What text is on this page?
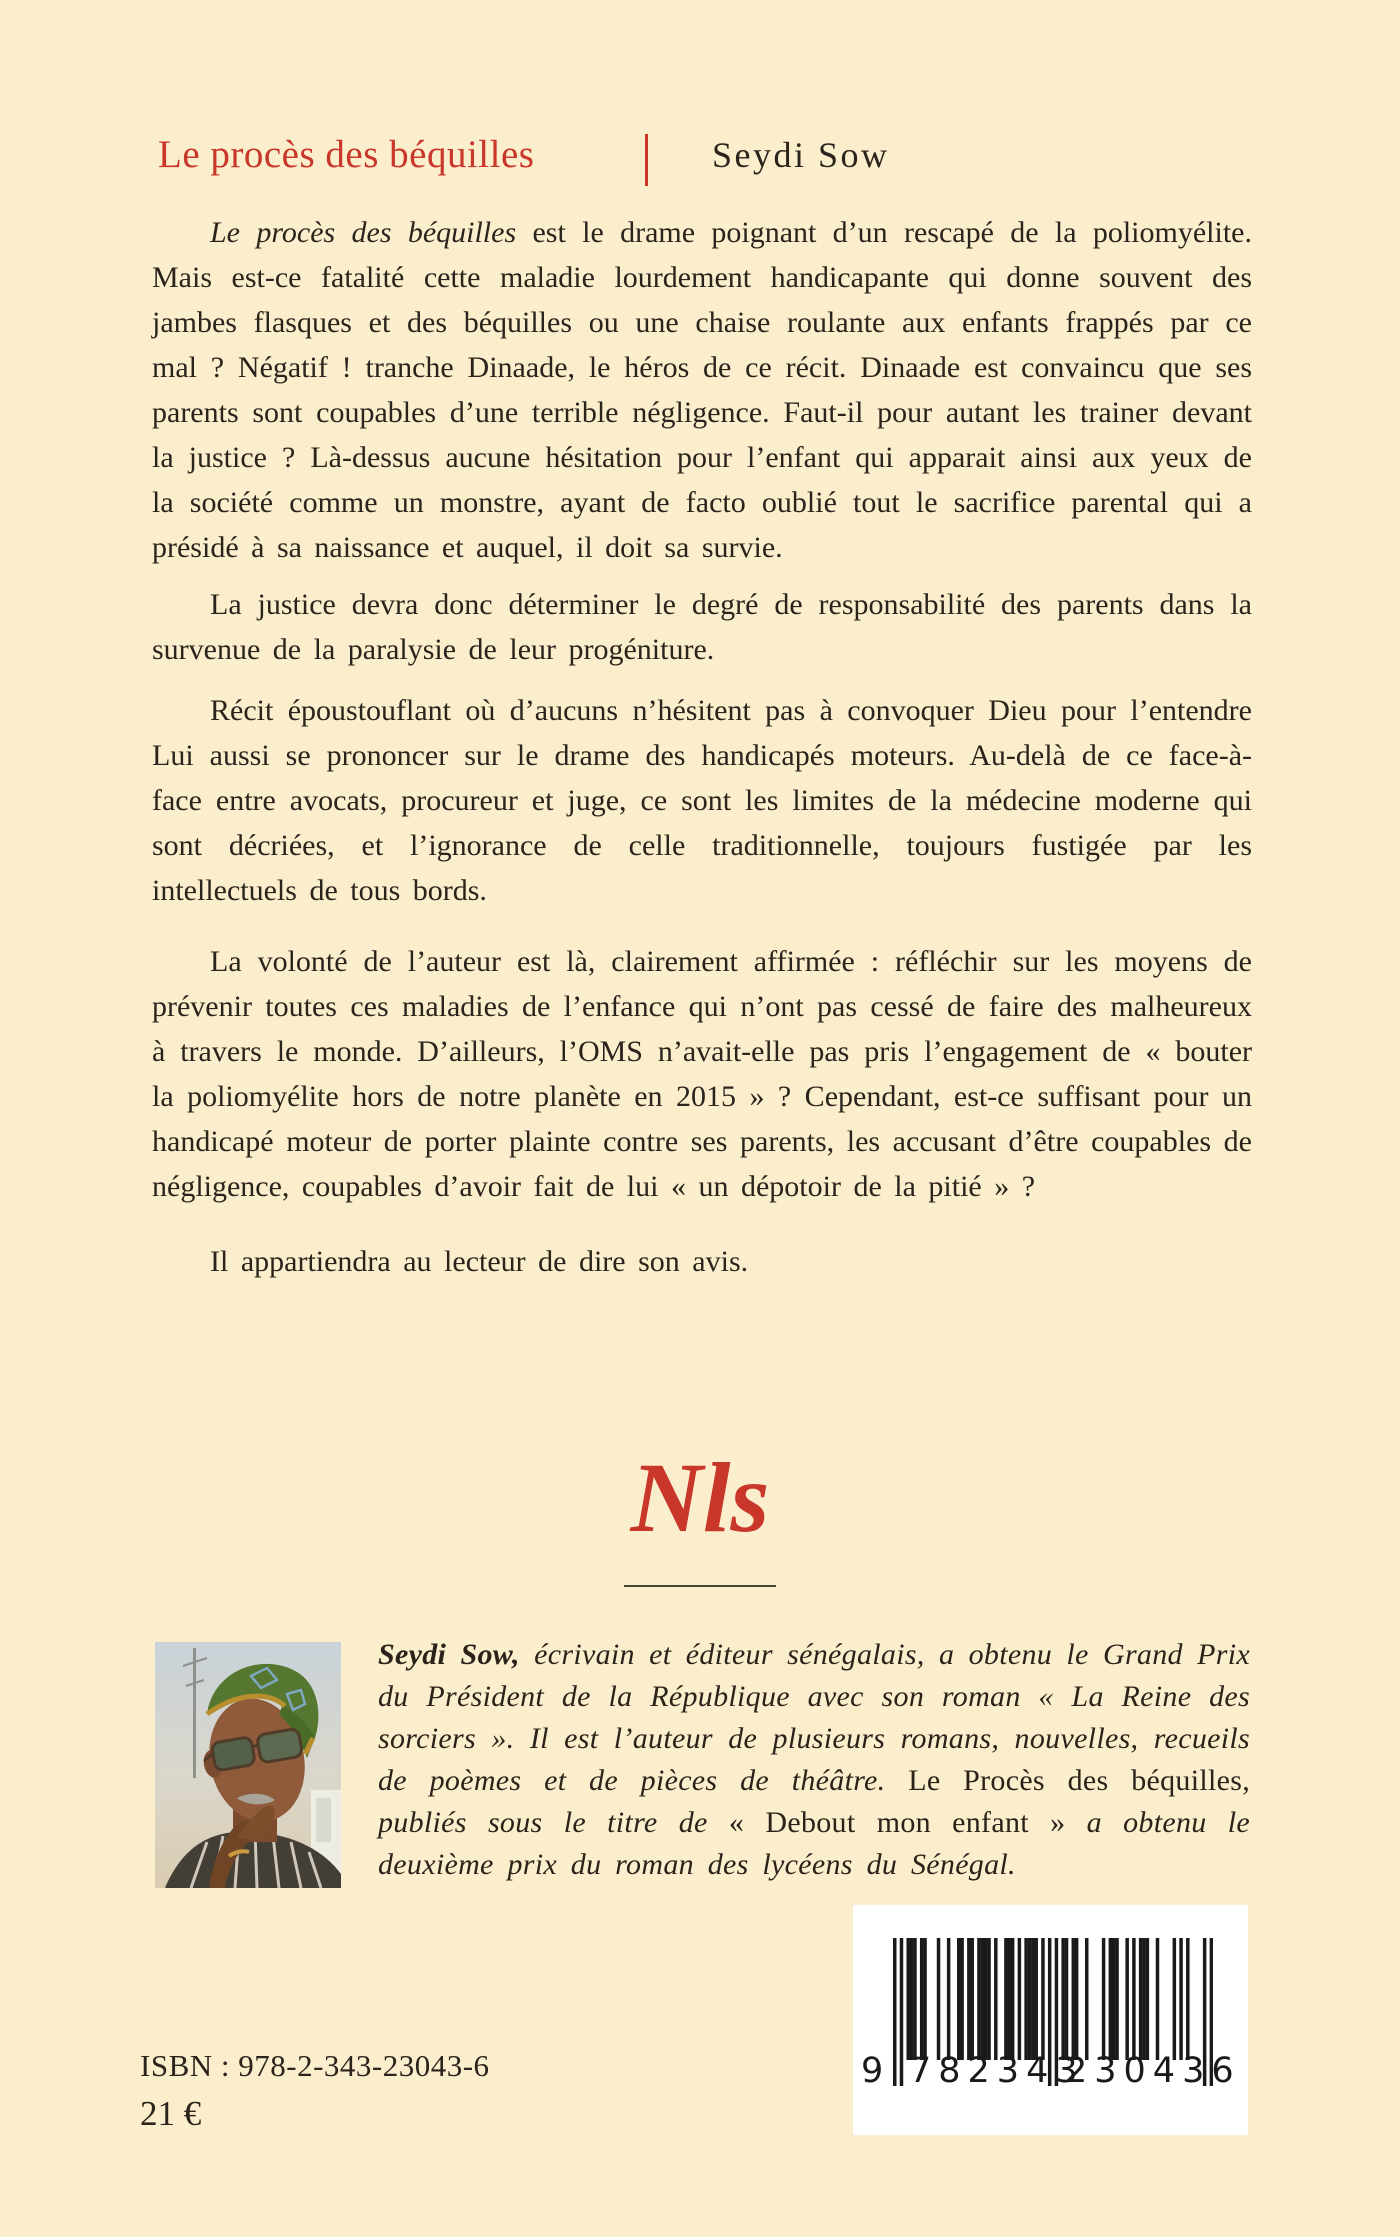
Le procès des béquilles	Seydi Sow

Le procès des béquilles est le drame poignant d’un rescapé de la poliomyélite. Mais est-ce fatalité cette maladie lourdement handicapante qui donne souvent des jambes flasques et des béquilles ou une chaise roulante aux enfants frappés par ce mal ? Négatif ! tranche Dinaade, le héros de ce récit. Dinaade est convaincu que ses parents sont coupables d’une terrible négligence. Faut-il pour autant les trainer devant la justice ? Là-dessus aucune hésitation pour l’enfant qui apparait ainsi aux yeux de la société comme un monstre, ayant de facto oublié tout le sacrifice parental qui a présidé à sa naissance et auquel, il doit sa survie.

La justice devra donc déterminer le degré de responsabilité des parents dans la survenue de la paralysie de leur progéniture.

Récit époustouflant où d’aucuns n’hésitent pas à convoquer Dieu pour l’entendre Lui aussi se prononcer sur le drame des handicapés moteurs. Au-delà de ce face-à-face entre avocats, procureur et juge, ce sont les limites de la médecine moderne qui sont décriées, et l’ignorance de celle traditionnelle, toujours fustigée par les intellectuels de tous bords.

La volonté de l’auteur est là, clairement affirmée : réfléchir sur les moyens de prévenir toutes ces maladies de l’enfance qui n’ont pas cessé de faire des malheureux à travers le monde. D’ailleurs, l’OMS n’avait-elle pas pris l’engagement de « bouter la poliomyélite hors de notre planète en 2015 » ? Cependant, est-ce suffisant pour un handicapé moteur de porter plainte contre ses parents, les accusant d’être coupables de négligence, coupables d’avoir fait de lui « un dépotoir de la pitié » ?

Il appartiendra au lecteur de dire son avis.

Nls
Seydi Sow, écrivain et éditeur sénégalais, a obtenu le Grand Prix du Président de la République avec son roman « La Reine des sorciers ». Il est l’auteur de plusieurs romans, nouvelles, recueils de poèmes et de pièces de théâtre. Le Procès des béquilles, publiés sous le titre de « Debout mon enfant » a obtenu le deuxième prix du roman des lycéens du Sénégal.
ISBN : 978-2-343-23043-6
21 €
9 782343
230436
